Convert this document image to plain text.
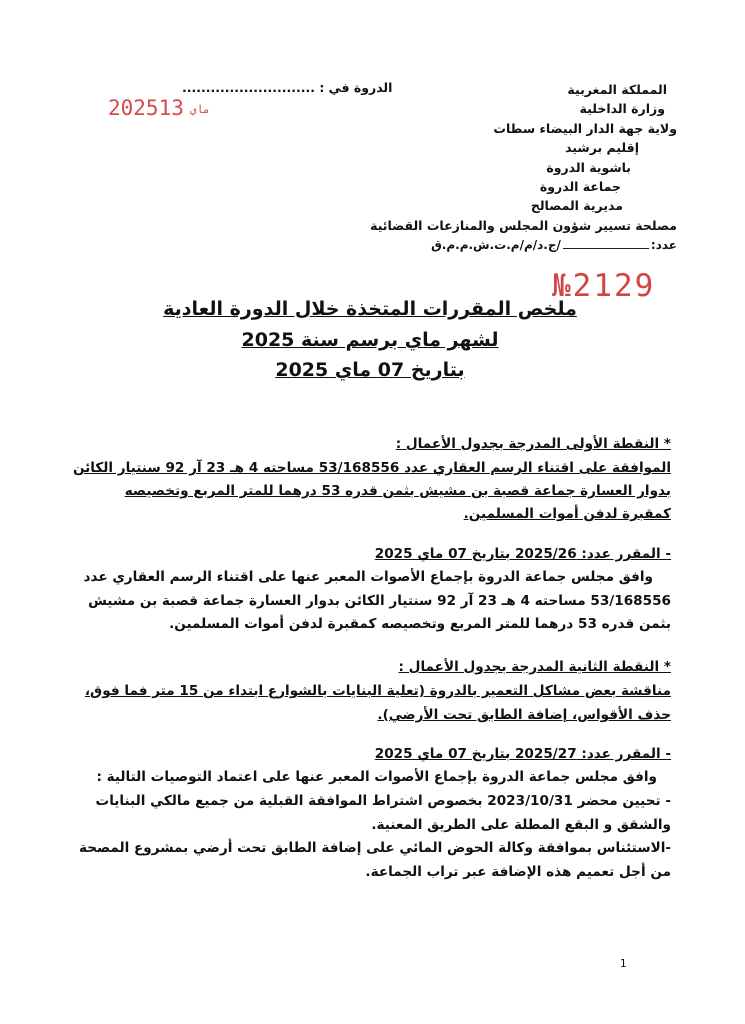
المملكة المغربية
وزارة الداخلية
ولاية جهة الدار البيضاء سطات
إقليم برشيد
باشوية الدروة
جماعة الدروة
مديرية المصالح
مصلحة تسيير شؤون المجلس والمنازعات القضائية
عدد:/ج.د/م/م.ت.ش.م.م.ق
الدروة في : ............................
2025	ماي13
№2129
ملخص المقررات المتخذة خلال الدورة العادية
لشهر ماي برسم سنة 2025
بتاريخ 07 ماي 2025
* النقطة الأولى المدرجة بجدول الأعمال :
الموافقة على اقتناء الرسم العقاري عدد 53/168556 مساحته 4 هـ 23 آر 92 سنتيار الكائن
بدوار العسارة جماعة قصبة بن مشيش بثمن قدره 53 درهما للمتر المربع وتخصيصه
كمقبرة لدفن أموات المسلمين.
- المقرر عدد: 2025/26 بتاريخ 07 ماي 2025
وافق مجلس جماعة الدروة بإجماع الأصوات المعبر عنها على اقتناء الرسم العقاري عدد
53/168556 مساحته 4 هـ 23 آر 92 سنتيار الكائن بدوار العسارة جماعة قصبة بن مشيش
بثمن قدره 53 درهما للمتر المربع وتخصيصه كمقبرة لدفن أموات المسلمين.
* النقطة الثانية المدرجة بجدول الأعمال :
مناقشة بعض مشاكل التعمير بالدروة (تعلية البنايات بالشوارع ابتداء من 15 متر فما فوق،
حذف الأقواس، إضافة الطابق تحت الأرضي).
- المقرر عدد: 2025/27 بتاريخ 07 ماي 2025
وافق مجلس جماعة الدروة بإجماع الأصوات المعبر عنها على اعتماد التوصيات التالية :
- تحيين محضر 2023/10/31 بخصوص اشتراط الموافقة القبلية من جميع مالكي البنايات
والشقق و البقع المطلة على الطريق المعنية.
-الاستئناس بموافقة وكالة الحوض المائي على إضافة الطابق تحت أرضي بمشروع المصحة
من أجل تعميم هذه الإضافة عبر تراب الجماعة.
1
